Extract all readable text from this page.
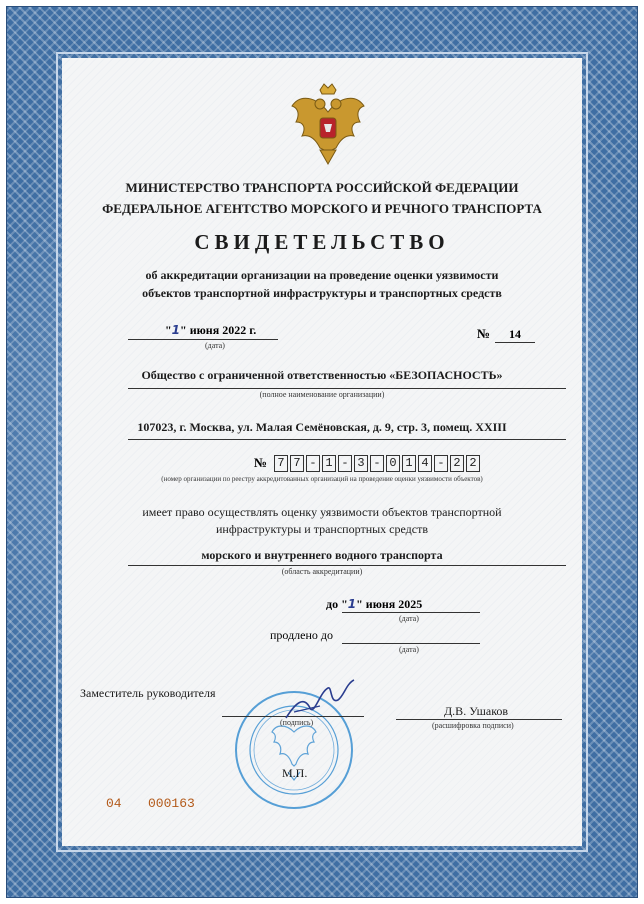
МИНИСТЕРСТВО ТРАНСПОРТА РОССИЙСКОЙ ФЕДЕРАЦИИ
ФЕДЕРАЛЬНОЕ АГЕНТСТВО МОРСКОГО И РЕЧНОГО ТРАНСПОРТА
СВИДЕТЕЛЬСТВО
об аккредитации организации на проведение оценки уязвимости
объектов транспортной инфраструктуры и транспортных средств
"1" июня 2022 г.
(дата)
№ 14
Общество с ограниченной ответственностью «БЕЗОПАСНОСТЬ»
(полное наименование организации)
107023, г. Москва, ул. Малая Семёновская, д. 9, стр. 3, помещ. XXIII
№ 7 7 - 1 - 3 - 0 1 4 - 2 2
(номер организации по реестру аккредитованных организаций на проведение оценки уязвимости объектов)
имеет право осуществлять оценку уязвимости объектов транспортной
инфраструктуры и транспортных средств
морского и внутреннего водного транспорта
(область аккредитации)
до "1" июня 2025
(дата)
продлено до
(дата)
Заместитель руководителя
(подпись)
Д.В. Ушаков
(расшифровка подписи)
М.П.
04 000163
